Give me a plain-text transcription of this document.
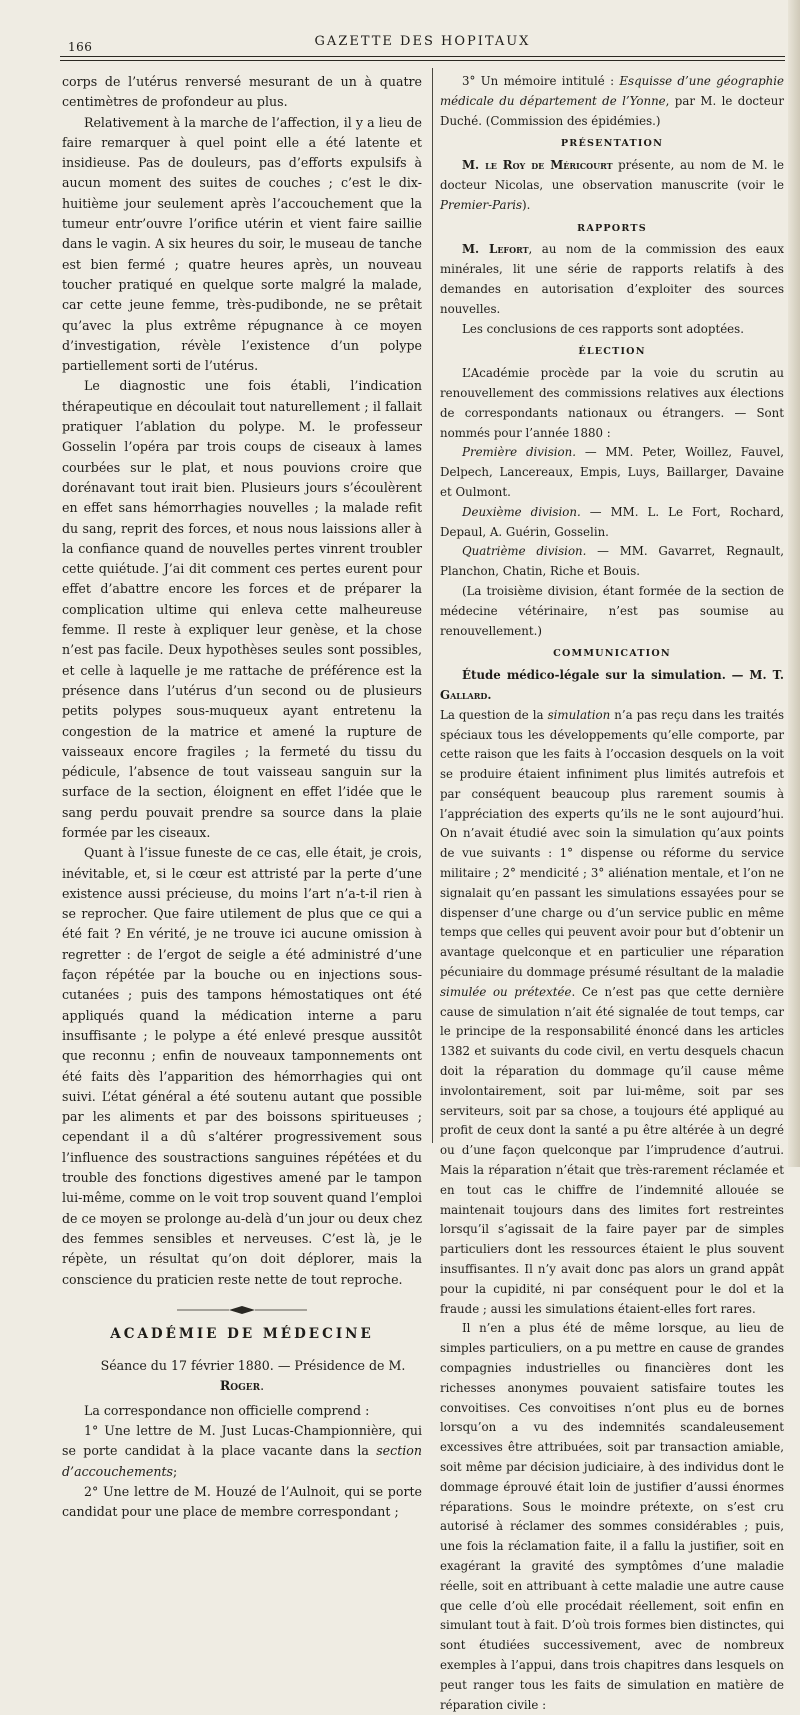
166	GAZETTE DES HOPITAUX

corps de l’utérus renversé mesurant de un à quatre centimètres de profondeur au plus.

Relativement à la marche de l’affection, il y a lieu de faire remarquer à quel point elle a été latente et insidieuse. Pas de douleurs, pas d’efforts expulsifs à aucun moment des suites de couches ; c’est le dix-huitième jour seulement après l’accouchement que la tumeur entr’ouvre l’orifice utérin et vient faire saillie dans le vagin. A six heures du soir, le museau de tanche est bien fermé ; quatre heures après, un nouveau toucher pratiqué en quelque sorte malgré la malade, car cette jeune femme, très-pudibonde, ne se prêtait qu’avec la plus extrême répugnance à ce moyen d’investigation, révèle l’existence d’un polype partiellement sorti de l’utérus.

Le diagnostic une fois établi, l’indication thérapeutique en découlait tout naturellement ; il fallait pratiquer l’ablation du polype. M. le professeur Gosselin l’opéra par trois coups de ciseaux à lames courbées sur le plat, et nous pouvions croire que dorénavant tout irait bien. Plusieurs jours s’écoulèrent en effet sans hémorrhagies nouvelles ; la malade refit du sang, reprit des forces, et nous nous laissions aller à la confiance quand de nouvelles pertes vinrent troubler cette quiétude. J’ai dit comment ces pertes eurent pour effet d’abattre encore les forces et de préparer la complication ultime qui enleva cette malheureuse femme. Il reste à expliquer leur genèse, et la chose n’est pas facile. Deux hypothèses seules sont possibles, et celle à laquelle je me rattache de préférence est la présence dans l’utérus d’un second ou de plusieurs petits polypes sous-muqueux ayant entretenu la congestion de la matrice et amené la rupture de vaisseaux encore fragiles ; la fermeté du tissu du pédicule, l’absence de tout vaisseau sanguin sur la surface de la section, éloignent en effet l’idée que le sang perdu pouvait prendre sa source dans la plaie formée par les ciseaux.

Quant à l’issue funeste de ce cas, elle était, je crois, inévitable, et, si le cœur est attristé par la perte d’une existence aussi précieuse, du moins l’art n’a-t-il rien à se reprocher. Que faire utilement de plus que ce qui a été fait ? En vérité, je ne trouve ici aucune omission à regretter : de l’ergot de seigle a été administré d’une façon répétée par la bouche ou en injections sous-cutanées ; puis des tampons hémostatiques ont été appliqués quand la médication interne a paru insuffisante ; le polype a été enlevé presque aussitôt que reconnu ; enfin de nouveaux tamponnements ont été faits dès l’apparition des hémorrhagies qui ont suivi. L’état général a été soutenu autant que possible par les aliments et par des boissons spiritueuses ; cependant il a dû s’altérer progressivement sous l’influence des soustractions sanguines répétées et du trouble des fonctions digestives amené par le tampon lui-même, comme on le voit trop souvent quand l’emploi de ce moyen se prolonge au-delà d’un jour ou deux chez des femmes sensibles et nerveuses. C’est là, je le répète, un résultat qu’on doit déplorer, mais la conscience du praticien reste nette de tout reproche.

ACADÉMIE DE MÉDECINE

Séance du 17 février 1880. — Présidence de M. Roger.

La correspondance non officielle comprend :

1° Une lettre de M. Just Lucas-Championnière, qui se porte candidat à la place vacante dans la section d’accouchements;

2° Une lettre de M. Houzé de l’Aulnoit, qui se porte candidat pour une place de membre correspondant ;

3° Un mémoire intitulé : Esquisse d’une géographie médicale du département de l’Yonne, par M. le docteur Duché. (Commission des épidémies.)

PRÉSENTATION

M. le Roy de Méricourt présente, au nom de M. le docteur Nicolas, une observation manuscrite (voir le Premier-Paris).

RAPPORTS

M. Lefort, au nom de la commission des eaux minérales, lit une série de rapports relatifs à des demandes en autorisation d’exploiter des sources nouvelles.

Les conclusions de ces rapports sont adoptées.

ÉLECTION

L’Académie procède par la voie du scrutin au renouvellement des commissions relatives aux élections de correspondants nationaux ou étrangers. — Sont nommés pour l’année 1880 :

Première division. — MM. Peter, Woillez, Fauvel, Delpech, Lancereaux, Empis, Luys, Baillarger, Davaine et Oulmont.

Deuxième division. — MM. L. Le Fort, Rochard, Depaul, A. Guérin, Gosselin.

Quatrième division. — MM. Gavarret, Regnault, Planchon, Chatin, Riche et Bouis.

(La troisième division, étant formée de la section de médecine vétérinaire, n’est pas soumise au renouvellement.)

COMMUNICATION

Étude médico-légale sur la simulation. — M. T. Gallard.

La question de la simulation n’a pas reçu dans les traités spéciaux tous les développements qu’elle comporte, par cette raison que les faits à l’occasion desquels on la voit se produire étaient infiniment plus limités autrefois et par conséquent beaucoup plus rarement soumis à l’appréciation des experts qu’ils ne le sont aujourd’hui. On n’avait étudié avec soin la simulation qu’aux points de vue suivants : 1° dispense ou réforme du service militaire ; 2° mendicité ; 3° aliénation mentale, et l’on ne signalait qu’en passant les simulations essayées pour se dispenser d’une charge ou d’un service public en même temps que celles qui peuvent avoir pour but d’obtenir un avantage quelconque et en particulier une réparation pécuniaire du dommage présumé résultant de la maladie simulée ou prétextée. Ce n’est pas que cette dernière cause de simulation n’ait été signalée de tout temps, car le principe de la responsabilité énoncé dans les articles 1382 et suivants du code civil, en vertu desquels chacun doit la réparation du dommage qu’il cause même involontairement, soit par lui-même, soit par ses serviteurs, soit par sa chose, a toujours été appliqué au profit de ceux dont la santé a pu être altérée à un degré ou d’une façon quelconque par l’imprudence d’autrui. Mais la réparation n’était que très-rarement réclamée et en tout cas le chiffre de l’indemnité allouée se maintenait toujours dans des limites fort restreintes lorsqu’il s’agissait de la faire payer par de simples particuliers dont les ressources étaient le plus souvent insuffisantes. Il n’y avait donc pas alors un grand appât pour la cupidité, ni par conséquent pour le dol et la fraude ; aussi les simulations étaient-elles fort rares.

Il n’en a plus été de même lorsque, au lieu de simples particuliers, on a pu mettre en cause de grandes compagnies industrielles ou financières dont les richesses anonymes pouvaient satisfaire toutes les convoitises. Ces convoitises n’ont plus eu de bornes lorsqu’on a vu des indemnités scandaleusement excessives être attribuées, soit par transaction amiable, soit même par décision judiciaire, à des individus dont le dommage éprouvé était loin de justifier d’aussi énormes réparations. Sous le moindre prétexte, on s’est cru autorisé à réclamer des sommes considérables ; puis, une fois la réclamation faite, il a fallu la justifier, soit en exagérant la gravité des symptômes d’une maladie réelle, soit en attribuant à cette maladie une autre cause que celle d’où elle procédait réellement, soit enfin en simulant tout à fait. D’où trois formes bien distinctes, qui sont étudiées successivement, avec de nombreux exemples à l’appui, dans trois chapitres dans lesquels on peut ranger tous les faits de simulation en matière de réparation civile :
